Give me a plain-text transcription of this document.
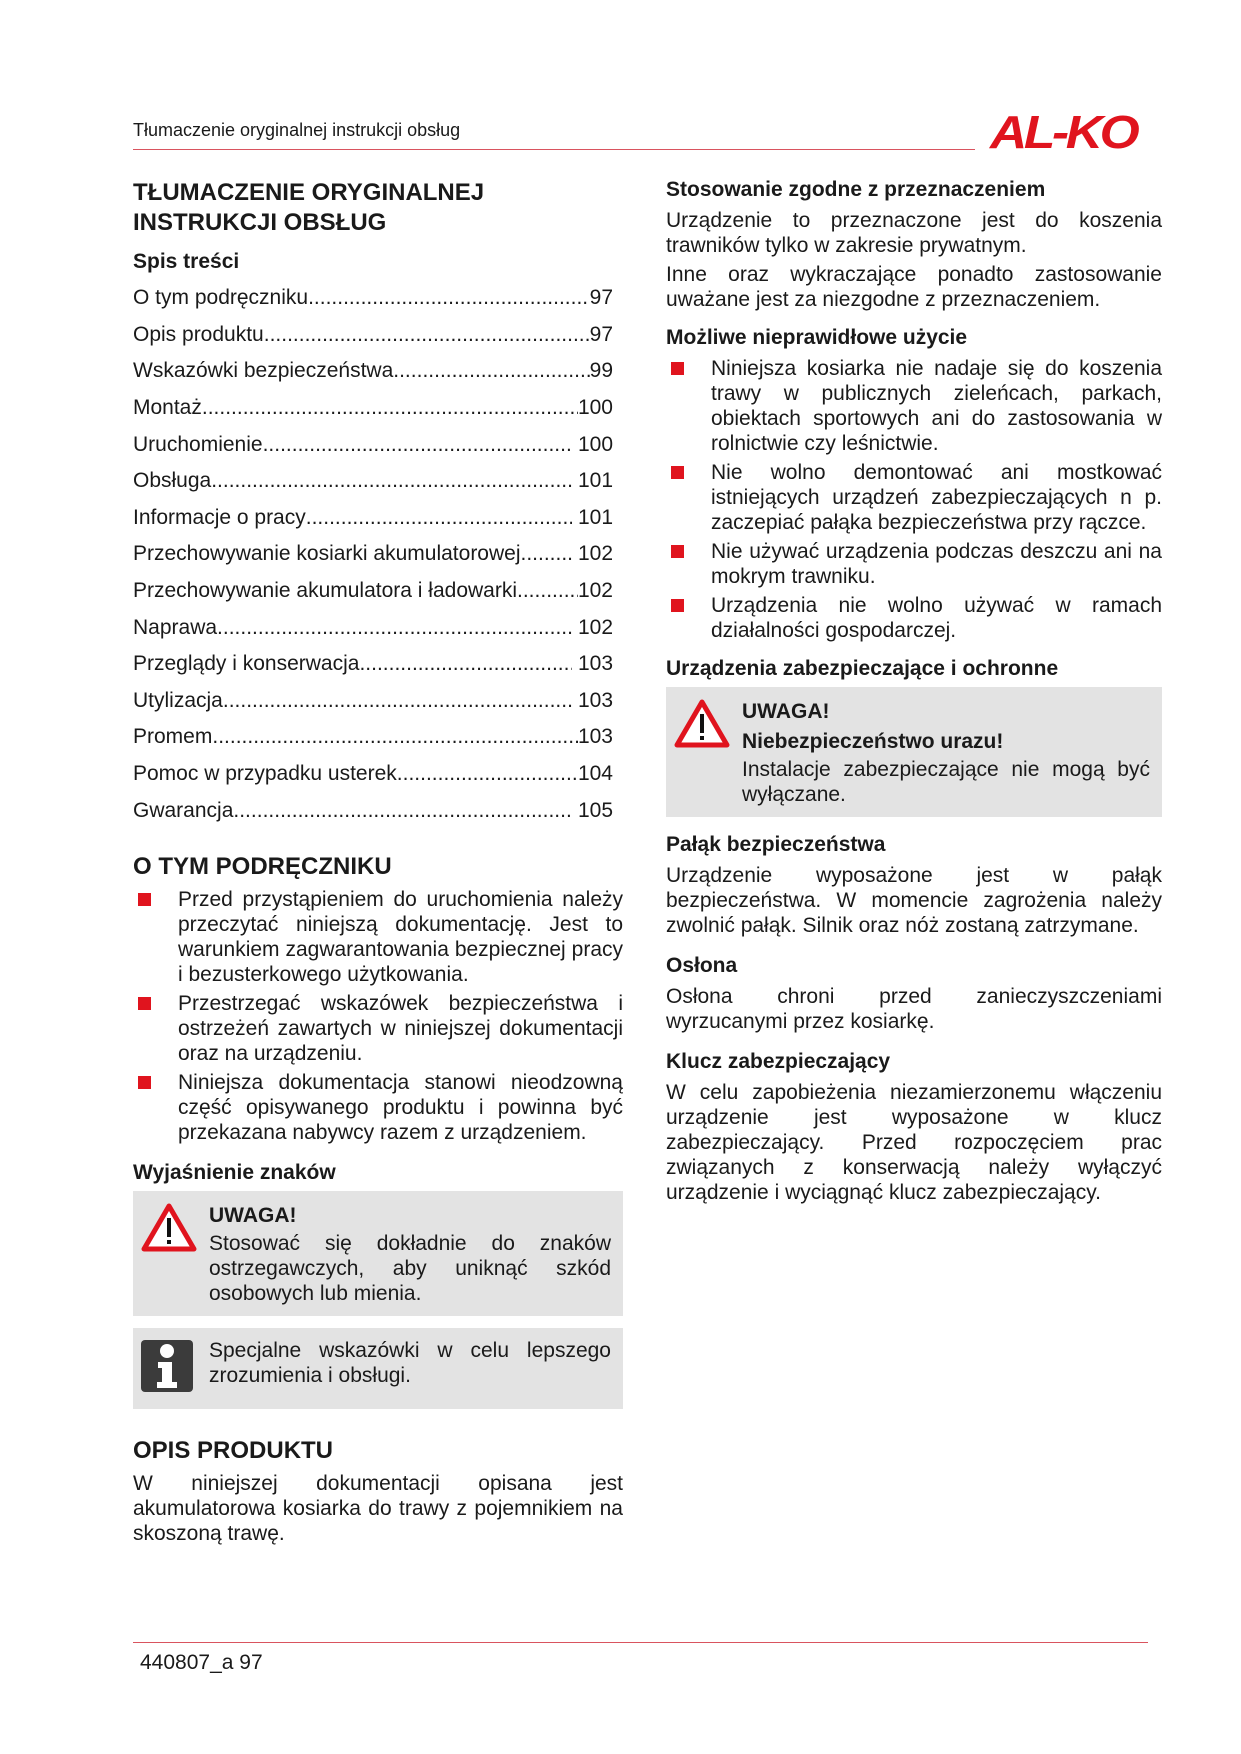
Tłumaczenie oryginalnej instrukcji obsług	AL-KO
TŁUMACZENIE ORYGINALNEJ INSTRUKCJI OBSŁUG
Spis treści
O tym podręczniku .....	97
Opis produktu .....	97
Wskazówki bezpieczeństwa .....	99
Montaż .....	100
Uruchomienie .....	100
Obsługa .....	101
Informacje o pracy .....	101
Przechowywanie kosiarki akumulatorowej ..... 102
Przechowywanie akumulatora i ładowarki .....	102
Naprawa .....	102
Przeglądy i konserwacja .....	103
Utylizacja .....	103
Promem .....	103
Pomoc w przypadku usterek .....	104
Gwarancja .....	105
O TYM PODRĘCZNIKU
Przed przystąpieniem do uruchomienia należy przeczytać niniejszą dokumentację. Jest to warunkiem zagwarantowania bezpiecznej pracy i bezusterkowego użytkowania.
Przestrzegać wskazówek bezpieczeństwa i ostrzeżeń zawartych w niniejszej dokumentacji oraz na urządzeniu.
Niniejsza dokumentacja stanowi nieodzowną część opisywanego produktu i powinna być przekazana nabywcy razem z urządzeniem.
Wyjaśnienie znaków
UWAGA!

Stosować się dokładnie do znaków ostrzegawczych, aby uniknąć szkód osobowych lub mienia.

Specjalne wskazówki w celu lepszego zrozumienia i obsługi.

OPIS PRODUKTU

W niniejszej dokumentacji opisana jest akumulatorowa kosiarka do trawy z pojemnikiem na skoszoną trawę.

Stosowanie zgodne z przeznaczeniem

Urządzenie to przeznaczone jest do koszenia trawników tylko w zakresie prywatnym.

Inne oraz wykraczające ponadto zastosowanie uważane jest za niezgodne z przeznaczeniem.

Możliwe nieprawidłowe użycie
Niniejsza kosiarka nie nadaje się do koszenia trawy w publicznych zieleńcach, parkach, obiektach sportowych ani do zastosowania w rolnictwie czy leśnictwie.
Nie wolno demontować ani mostkować istniejących urządzeń zabezpieczających n p. zaczepiać pałąka bezpieczeństwa przy rączce.
Nie używać urządzenia podczas deszczu ani na mokrym trawniku.
Urządzenia nie wolno używać w ramach działalności gospodarczej.
Urządzenia zabezpieczające i ochronne
UWAGA!
Niebezpieczeństwo urazu!

Instalacje zabezpieczające nie mogą być wyłączane.

Pałąk bezpieczeństwa

Urządzenie wyposażone jest w pałąk bezpieczeństwa. W momencie zagrożenia należy zwolnić pałąk. Silnik oraz nóż zostaną zatrzymane.

Osłona

Osłona chroni przed zanieczyszczeniami wyrzucanymi przez kosiarkę.

Klucz zabezpieczający

W celu zapobieżenia niezamierzonemu włączeniu urządzenie jest wyposażone w klucz zabezpieczający. Przed rozpoczęciem prac związanych z konserwacją należy wyłączyć urządzenie i wyciągnąć klucz zabezpieczający.

440807_a 97
